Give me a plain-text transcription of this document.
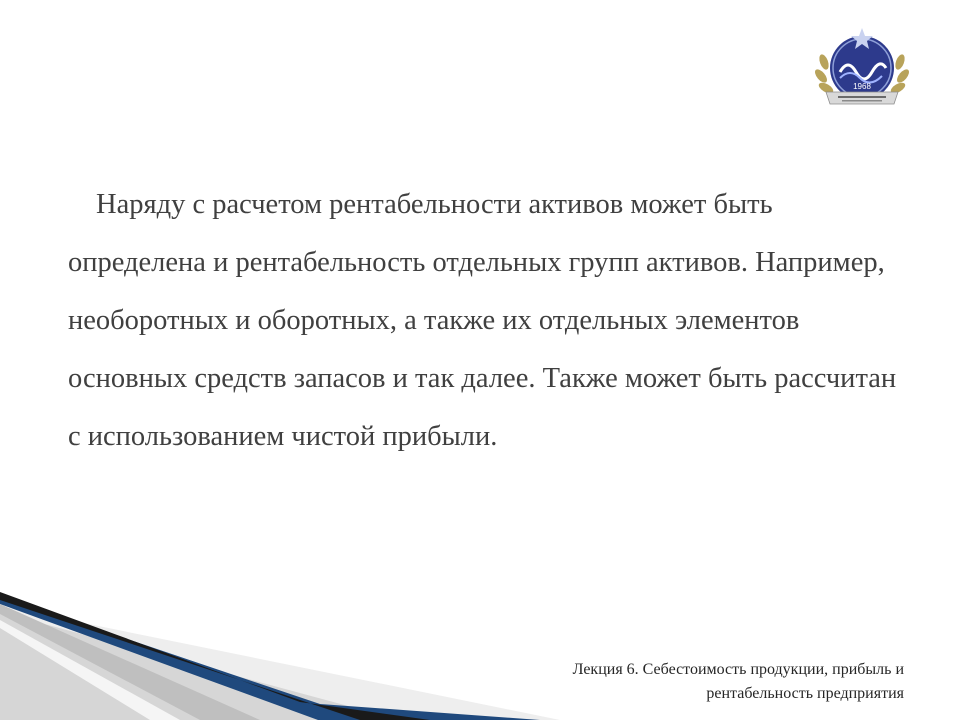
1968

Наряду с расчетом рентабельности активов может быть определена и рентабельность отдельных групп активов. Например, необоротных и оборотных, а также их отдельных элементов основных средств запасов и так далее. Также может быть рассчитан с использованием чистой прибыли.

Лекция 6. Себестоимость продукции, прибыль и рентабельность предприятия
